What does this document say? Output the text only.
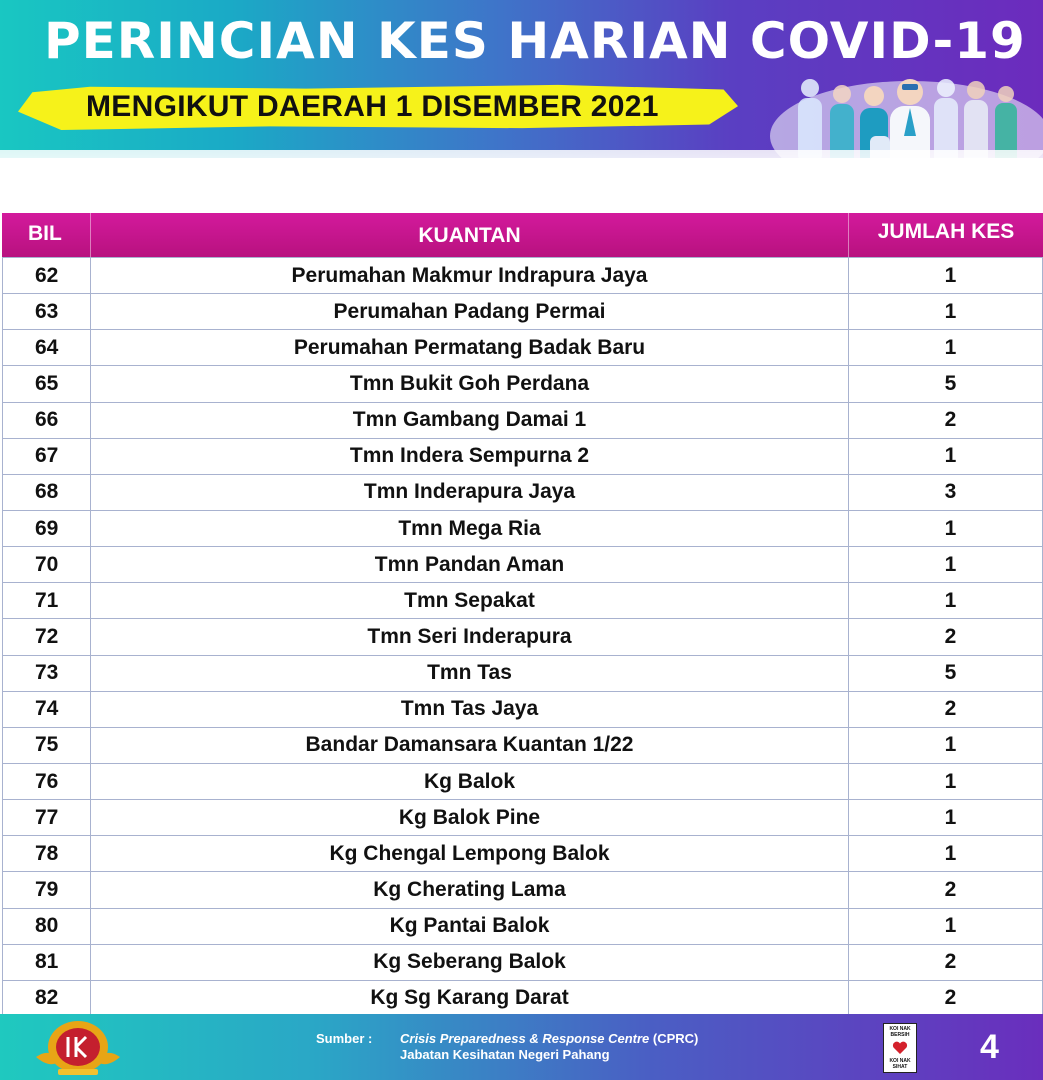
PERINCIAN KES HARIAN COVID-19
MENGIKUT DAERAH 1 DISEMBER 2021
BIL	KUANTAN	JUMLAH KES
62	Perumahan Makmur Indrapura Jaya	1
63	Perumahan Padang Permai	1
64	Perumahan Permatang Badak Baru	1
65	Tmn Bukit Goh Perdana	5
66	Tmn Gambang Damai 1	2
67	Tmn Indera Sempurna 2	1
68	Tmn Inderapura Jaya	3
69	Tmn Mega Ria	1
70	Tmn Pandan Aman	1
71	Tmn Sepakat	1
72	Tmn Seri Inderapura	2
73	Tmn Tas	5
74	Tmn Tas Jaya	2
75	Bandar Damansara Kuantan 1/22	1
76	Kg Balok	1
77	Kg Balok Pine	1
78	Kg Chengal Lempong Balok	1
79	Kg Cherating Lama	2
80	Kg Pantai Balok	1
81	Kg Seberang Balok	2
82	Kg Sg Karang Darat	2
Sumber : Crisis Preparedness & Response Centre (CPRC)
Jabatan Kesihatan Negeri Pahang
KOI NAK BERSIH
KOI NAK SIHAT
4
